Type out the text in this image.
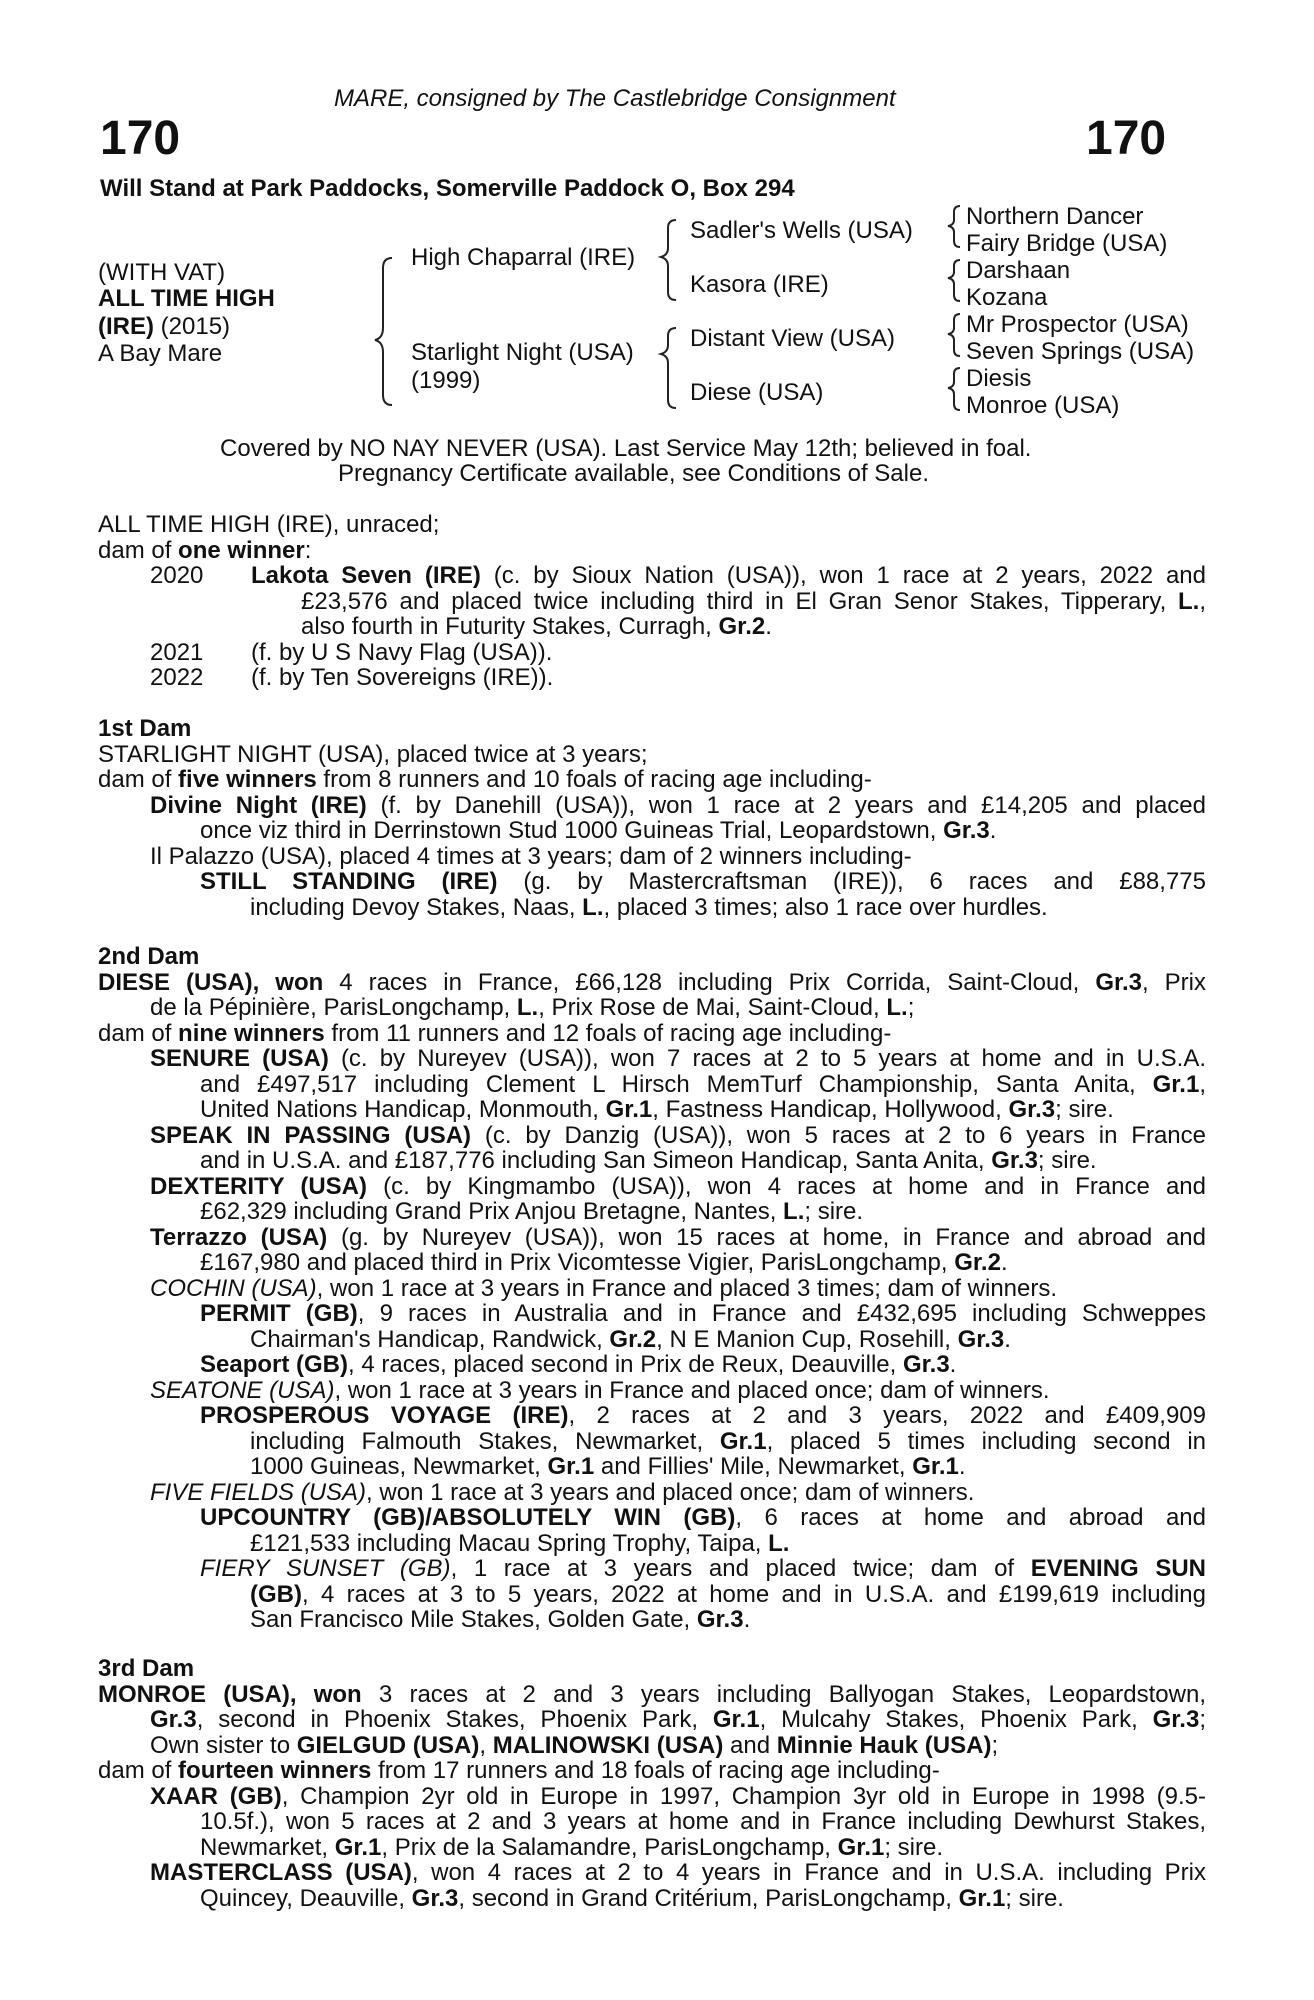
MARE, consigned by The Castlebridge Consignment
170	170
Will Stand at Park Paddocks, Somerville Paddock O, Box 294
(WITH VAT)
ALL TIME HIGH
(IRE) (2015)
A Bay Mare
High Chaparral (IRE)
Starlight Night (USA)
(1999)
Sadler's Wells (USA)
Kasora (IRE)
Distant View (USA)
Diese (USA)
Northern Dancer
Fairy Bridge (USA)
Darshaan
Kozana
Mr Prospector (USA)
Seven Springs (USA)
Diesis
Monroe (USA)
Covered by NO NAY NEVER (USA). Last Service May 12th; believed in foal.
Pregnancy Certificate available, see Conditions of Sale.
ALL TIME HIGH (IRE), unraced;
dam of one winner:
2020 Lakota Seven (IRE) (c. by Sioux Nation (USA)), won 1 race at 2 years, 2022 and
£23,576 and placed twice including third in El Gran Senor Stakes, Tipperary, L.,
also fourth in Futurity Stakes, Curragh, Gr.2.
2021 (f. by U S Navy Flag (USA)).
2022 (f. by Ten Sovereigns (IRE)).
1st Dam
STARLIGHT NIGHT (USA), placed twice at 3 years;
dam of five winners from 8 runners and 10 foals of racing age including-
Divine Night (IRE) (f. by Danehill (USA)), won 1 race at 2 years and £14,205 and placed
once viz third in Derrinstown Stud 1000 Guineas Trial, Leopardstown, Gr.3.
Il Palazzo (USA), placed 4 times at 3 years; dam of 2 winners including-
STILL STANDING (IRE) (g. by Mastercraftsman (IRE)), 6 races and £88,775
including Devoy Stakes, Naas, L., placed 3 times; also 1 race over hurdles.
2nd Dam
DIESE (USA), won 4 races in France, £66,128 including Prix Corrida, Saint-Cloud, Gr.3, Prix
de la Pépinière, ParisLongchamp, L., Prix Rose de Mai, Saint-Cloud, L.;
dam of nine winners from 11 runners and 12 foals of racing age including-
SENURE (USA) (c. by Nureyev (USA)), won 7 races at 2 to 5 years at home and in U.S.A.
and £497,517 including Clement L Hirsch MemTurf Championship, Santa Anita, Gr.1,
United Nations Handicap, Monmouth, Gr.1, Fastness Handicap, Hollywood, Gr.3; sire.
SPEAK IN PASSING (USA) (c. by Danzig (USA)), won 5 races at 2 to 6 years in France
and in U.S.A. and £187,776 including San Simeon Handicap, Santa Anita, Gr.3; sire.
DEXTERITY (USA) (c. by Kingmambo (USA)), won 4 races at home and in France and
£62,329 including Grand Prix Anjou Bretagne, Nantes, L.; sire.
Terrazzo (USA) (g. by Nureyev (USA)), won 15 races at home, in France and abroad and
£167,980 and placed third in Prix Vicomtesse Vigier, ParisLongchamp, Gr.2.
COCHIN (USA), won 1 race at 3 years in France and placed 3 times; dam of winners.
PERMIT (GB), 9 races in Australia and in France and £432,695 including Schweppes
Chairman's Handicap, Randwick, Gr.2, N E Manion Cup, Rosehill, Gr.3.
Seaport (GB), 4 races, placed second in Prix de Reux, Deauville, Gr.3.
SEATONE (USA), won 1 race at 3 years in France and placed once; dam of winners.
PROSPEROUS VOYAGE (IRE), 2 races at 2 and 3 years, 2022 and £409,909
including Falmouth Stakes, Newmarket, Gr.1, placed 5 times including second in
1000 Guineas, Newmarket, Gr.1 and Fillies' Mile, Newmarket, Gr.1.
FIVE FIELDS (USA), won 1 race at 3 years and placed once; dam of winners.
UPCOUNTRY (GB)/ABSOLUTELY WIN (GB), 6 races at home and abroad and
£121,533 including Macau Spring Trophy, Taipa, L.
FIERY SUNSET (GB), 1 race at 3 years and placed twice; dam of EVENING SUN
(GB), 4 races at 3 to 5 years, 2022 at home and in U.S.A. and £199,619 including
San Francisco Mile Stakes, Golden Gate, Gr.3.
3rd Dam
MONROE (USA), won 3 races at 2 and 3 years including Ballyogan Stakes, Leopardstown,
Gr.3, second in Phoenix Stakes, Phoenix Park, Gr.1, Mulcahy Stakes, Phoenix Park, Gr.3;
Own sister to GIELGUD (USA), MALINOWSKI (USA) and Minnie Hauk (USA);
dam of fourteen winners from 17 runners and 18 foals of racing age including-
XAAR (GB), Champion 2yr old in Europe in 1997, Champion 3yr old in Europe in 1998 (9.5-
10.5f.), won 5 races at 2 and 3 years at home and in France including Dewhurst Stakes,
Newmarket, Gr.1, Prix de la Salamandre, ParisLongchamp, Gr.1; sire.
MASTERCLASS (USA), won 4 races at 2 to 4 years in France and in U.S.A. including Prix
Quincey, Deauville, Gr.3, second in Grand Critérium, ParisLongchamp, Gr.1; sire.
